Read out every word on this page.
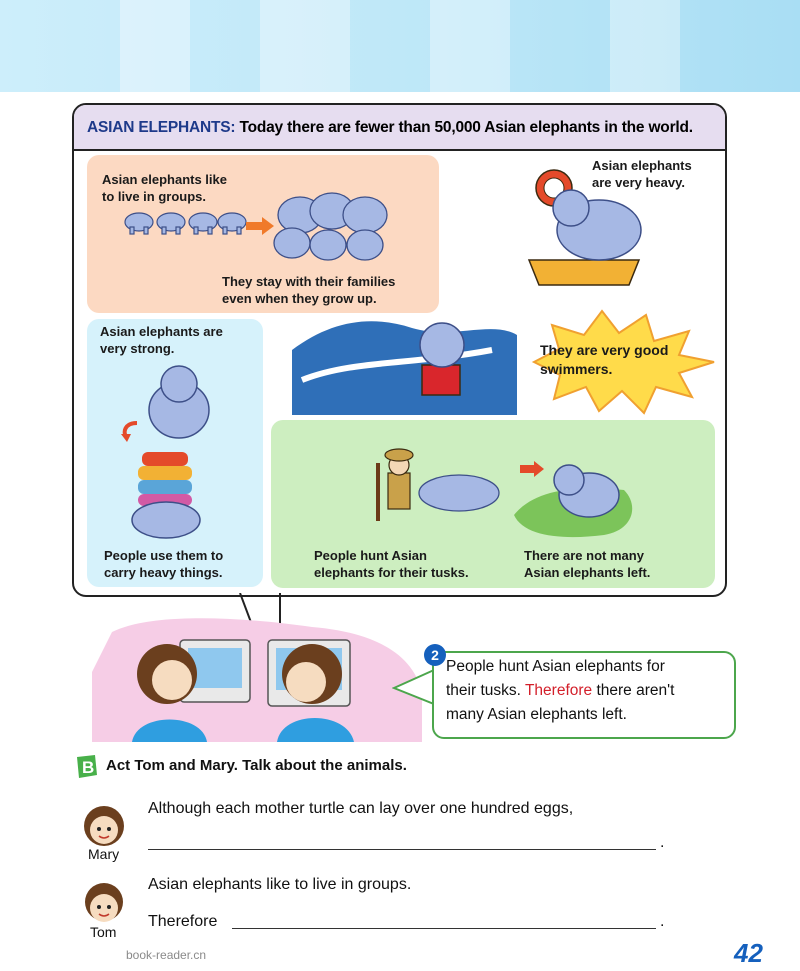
ASIAN ELEPHANTS: Today there are fewer than 50,000 Asian elephants in the world.
Asian elephants like
to live in groups.
They stay with their families
even when they grow up.
Asian elephants
are very heavy.
Asian elephants are
very strong.
People use them to
carry heavy things.
They are very good
swimmers.
People hunt Asian
elephants for their tusks.
There are not many
Asian elephants left.
2
People hunt Asian elephants for
their tusks. Therefore there aren't
many Asian elephants left.
B Act Tom and Mary. Talk about the animals.
Mary
Although each mother turtle can lay over one hundred eggs,
.
Tom
Asian elephants like to live in groups.
Therefore	.
book-reader.cn	42
